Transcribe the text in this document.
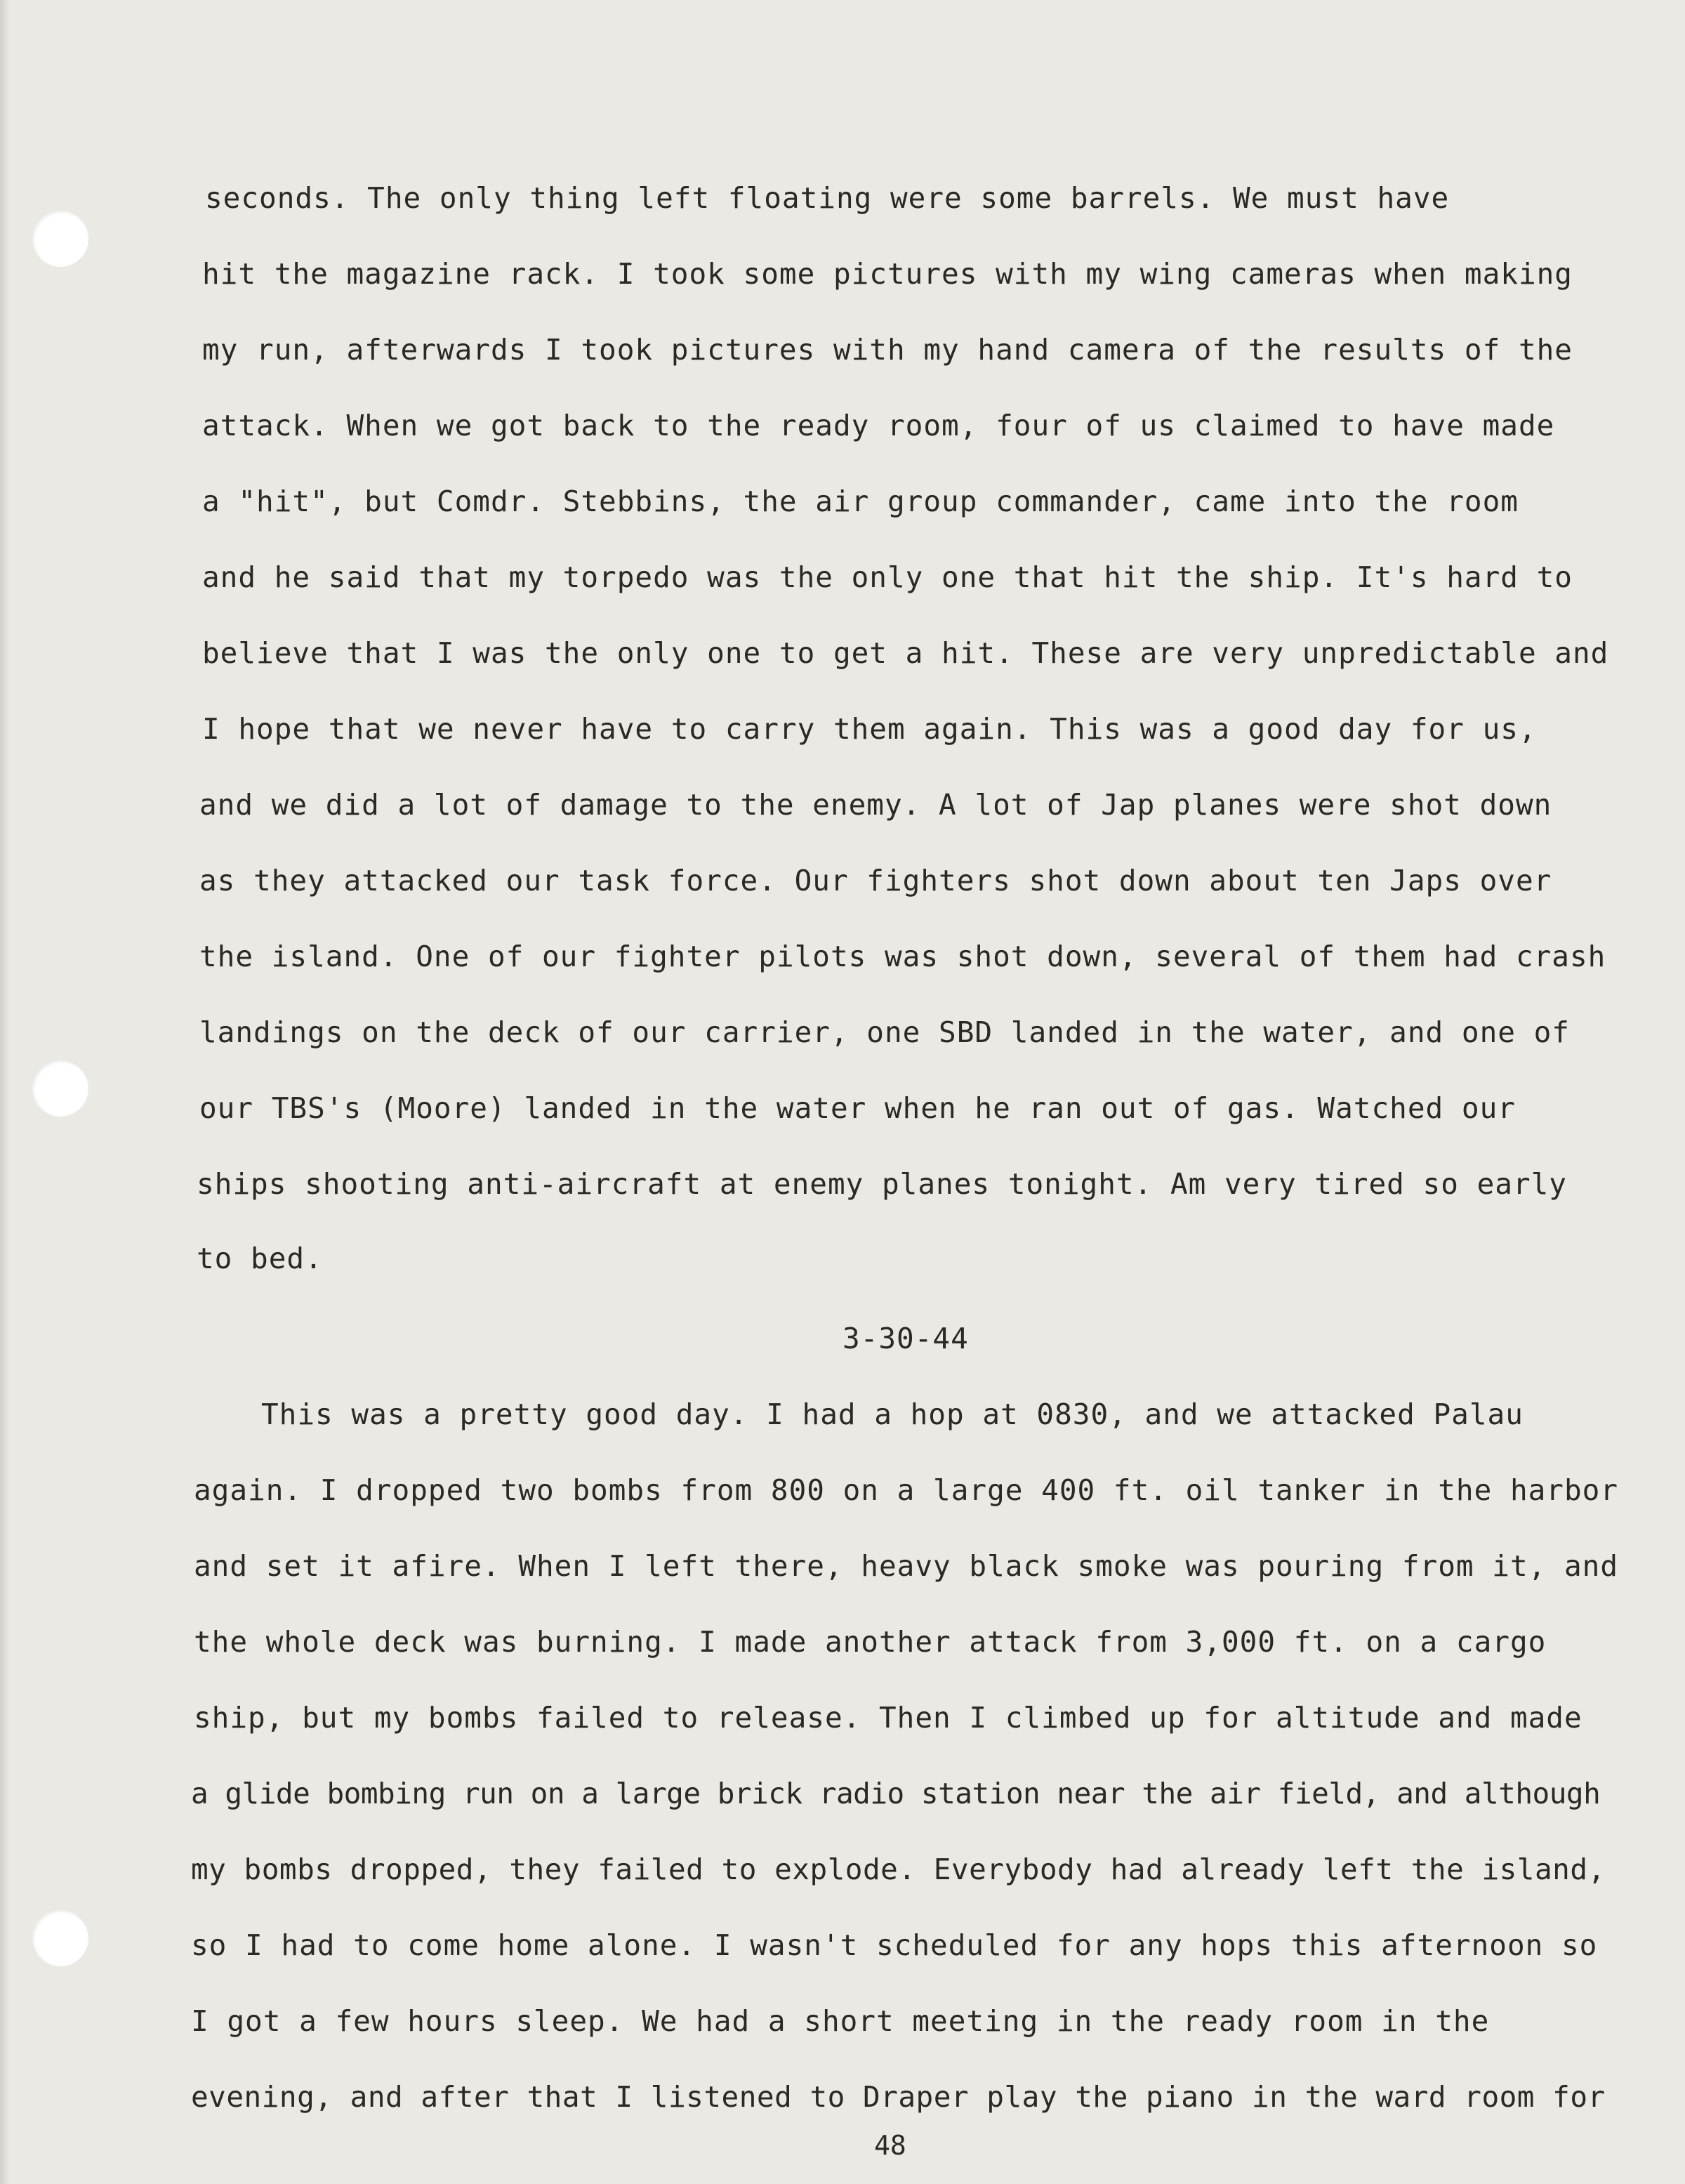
seconds. The only thing left floating were some barrels. We must have
hit the magazine rack. I took some pictures with my wing cameras when making
my run, afterwards I took pictures with my hand camera of the results of the
attack. When we got back to the ready room, four of us claimed to have made
a "hit", but Comdr. Stebbins, the air group commander, came into the room
and he said that my torpedo was the only one that hit the ship. It's hard to
believe that I was the only one to get a hit. These are very unpredictable and
I hope that we never have to carry them again. This was a good day for us,
and we did a lot of damage to the enemy. A lot of Jap planes were shot down
as they attacked our task force. Our fighters shot down about ten Japs over
the island. One of our fighter pilots was shot down, several of them had crash
landings on the deck of our carrier, one SBD landed in the water, and one of
our TBS's (Moore) landed in the water when he ran out of gas. Watched our
ships shooting anti-aircraft at enemy planes tonight. Am very tired so early
to bed.
3-30-44
This was a pretty good day. I had a hop at 0830, and we attacked Palau
again. I dropped two bombs from 800 on a large 400 ft. oil tanker in the harbor
and set it afire. When I left there, heavy black smoke was pouring from it, and
the whole deck was burning. I made another attack from 3,000 ft. on a cargo
ship, but my bombs failed to release. Then I climbed up for altitude and made
a glide bombing run on a large brick radio station near the air field, and although
my bombs dropped, they failed to explode. Everybody had already left the island,
so I had to come home alone. I wasn't scheduled for any hops this afternoon so
I got a few hours sleep. We had a short meeting in the ready room in the
evening, and after that I listened to Draper play the piano in the ward room for
48
